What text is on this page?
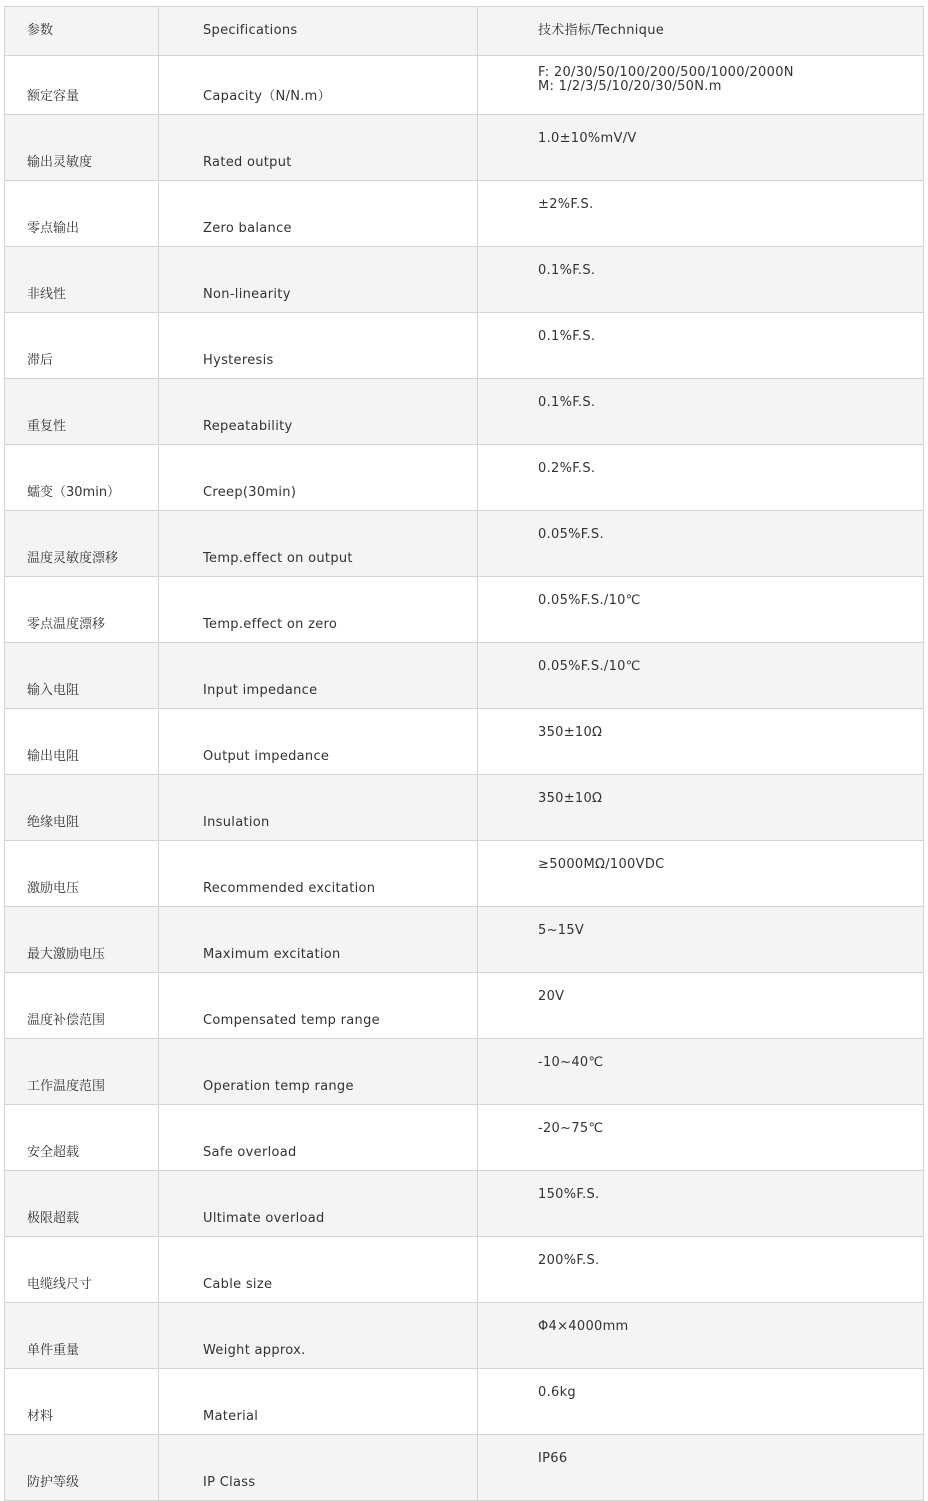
参数	Specifications	技术指标/Technique
额定容量	Capacity（N/N.m）	F: 20/30/50/100/200/500/1000/2000N
M: 1/2/3/5/10/20/30/50N.m

输出灵敏度	Rated output	1.0±10%mV/V

零点输出	Zero balance	±2%F.S.

非线性	Non-linearity	0.1%F.S.

滞后	Hysteresis	0.1%F.S.

重复性	Repeatability	0.1%F.S.

蠕变（30min）	Creep(30min)	0.2%F.S.

温度灵敏度漂移	Temp.effect on output	0.05%F.S.

零点温度漂移	Temp.effect on zero	0.05%F.S./10℃

输入电阻	Input impedance	0.05%F.S./10℃

输出电阻	Output impedance	350±10Ω

绝缘电阻	Insulation	350±10Ω

激励电压	Recommended excitation	≥5000MΩ/100VDC

最大激励电压	Maximum excitation	5~15V

温度补偿范围	Compensated temp range	20V

工作温度范围	Operation temp range	-10~40℃

安全超载	Safe overload	-20~75℃

极限超载	Ultimate overload	150%F.S.

电缆线尺寸	Cable size	200%F.S.

单件重量	Weight approx.	Φ4×4000mm

材料	Material	0.6kg

防护等级	IP Class	IP66
